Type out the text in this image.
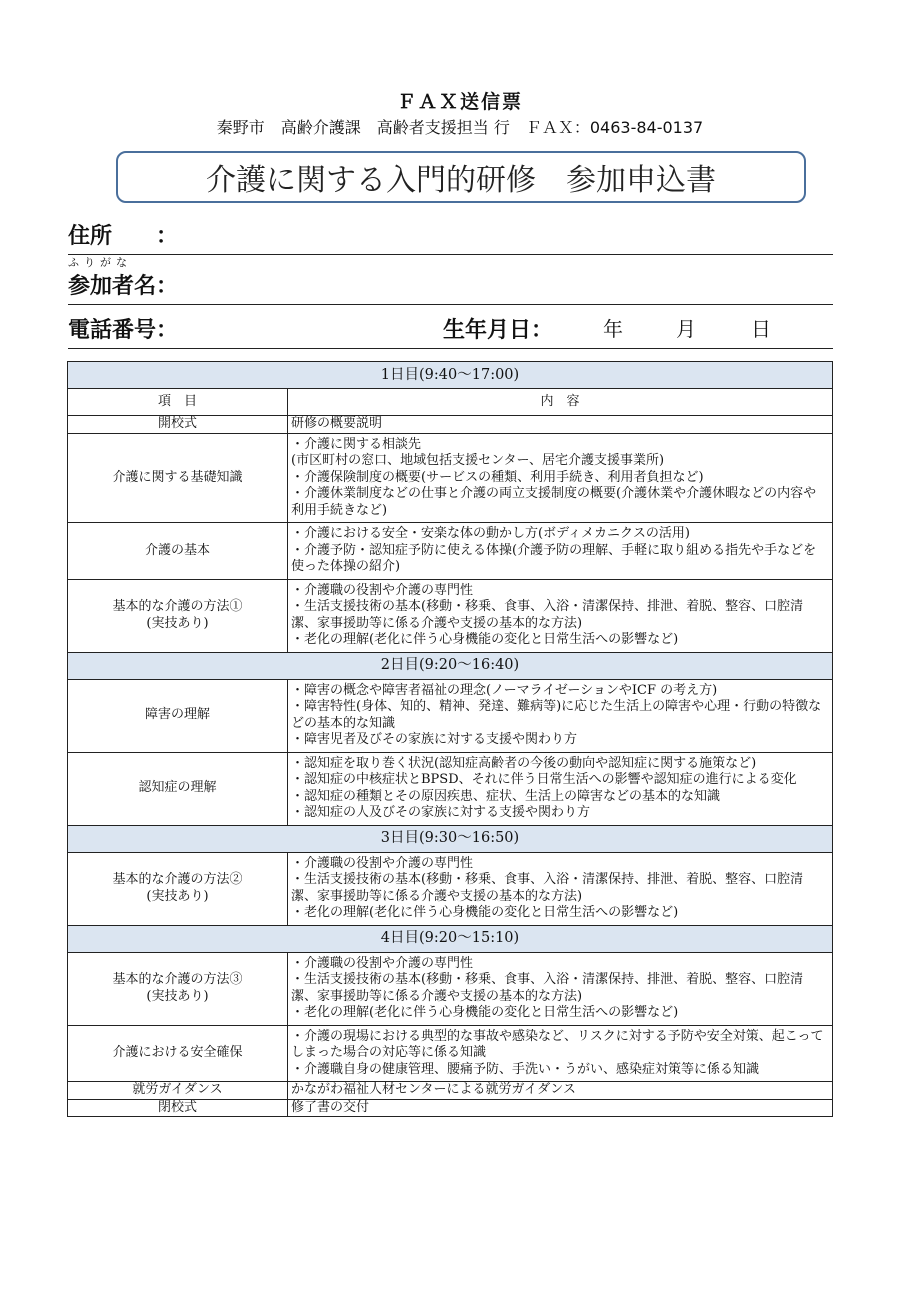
ＦＡＸ送信票
秦野市　高齢介護課　高齢者支援担当 行　ＦＡＸ：0463-84-0137
介護に関する入門的研修　参加申込書
住所　　：
ふりがな
参加者名：
電話番号：	生年月日： 年	月	日
1日目(9:40〜17:00)	
項　目	内　容

開校式	研修の概要説明

介護に関する基礎知識	・介護に関する相談先
(市区町村の窓口、地域包括支援センター、居宅介護支援事業所)
・介護保険制度の概要(サービスの種類、利用手続き、利用者負担など)
・介護休業制度などの仕事と介護の両立支援制度の概要(介護休業や介護休暇などの内容や利用手続きなど)

介護の基本	・介護における安全・安楽な体の動かし方(ボディメカニクスの活用)
・介護予防・認知症予防に使える体操(介護予防の理解、手軽に取り組める指先や手などを使った体操の紹介)

基本的な介護の方法①
(実技あり)	・介護職の役割や介護の専門性
・生活支援技術の基本(移動・移乗、食事、入浴・清潔保持、排泄、着脱、整容、口腔清潔、家事援助等に係る介護や支援の基本的な方法)
・老化の理解(老化に伴う心身機能の変化と日常生活への影響など)

2日目(9:20〜16:40)	

障害の理解	・障害の概念や障害者福祉の理念(ノーマライゼーションやICF の考え方)
・障害特性(身体、知的、精神、発達、難病等)に応じた生活上の障害や心理・行動の特徴などの基本的な知識
・障害児者及びその家族に対する支援や関わり方

認知症の理解	・認知症を取り巻く状況(認知症高齢者の今後の動向や認知症に関する施策など)
・認知症の中核症状とBPSD、それに伴う日常生活への影響や認知症の進行による変化
・認知症の種類とその原因疾患、症状、生活上の障害などの基本的な知識
・認知症の人及びその家族に対する支援や関わり方

3日目(9:30〜16:50)	

基本的な介護の方法②
(実技あり)	・介護職の役割や介護の専門性
・生活支援技術の基本(移動・移乗、食事、入浴・清潔保持、排泄、着脱、整容、口腔清潔、家事援助等に係る介護や支援の基本的な方法)
・老化の理解(老化に伴う心身機能の変化と日常生活への影響など)

4日目(9:20〜15:10)	

基本的な介護の方法③
(実技あり)	・介護職の役割や介護の専門性
・生活支援技術の基本(移動・移乗、食事、入浴・清潔保持、排泄、着脱、整容、口腔清潔、家事援助等に係る介護や支援の基本的な方法)
・老化の理解(老化に伴う心身機能の変化と日常生活への影響など)

介護における安全確保	・介護の現場における典型的な事故や感染など、リスクに対する予防や安全対策、起こってしまった場合の対応等に係る知識
・介護職自身の健康管理、腰痛予防、手洗い・うがい、感染症対策等に係る知識

就労ガイダンス	かながわ福祉人材センターによる就労ガイダンス

閉校式	修了書の交付
